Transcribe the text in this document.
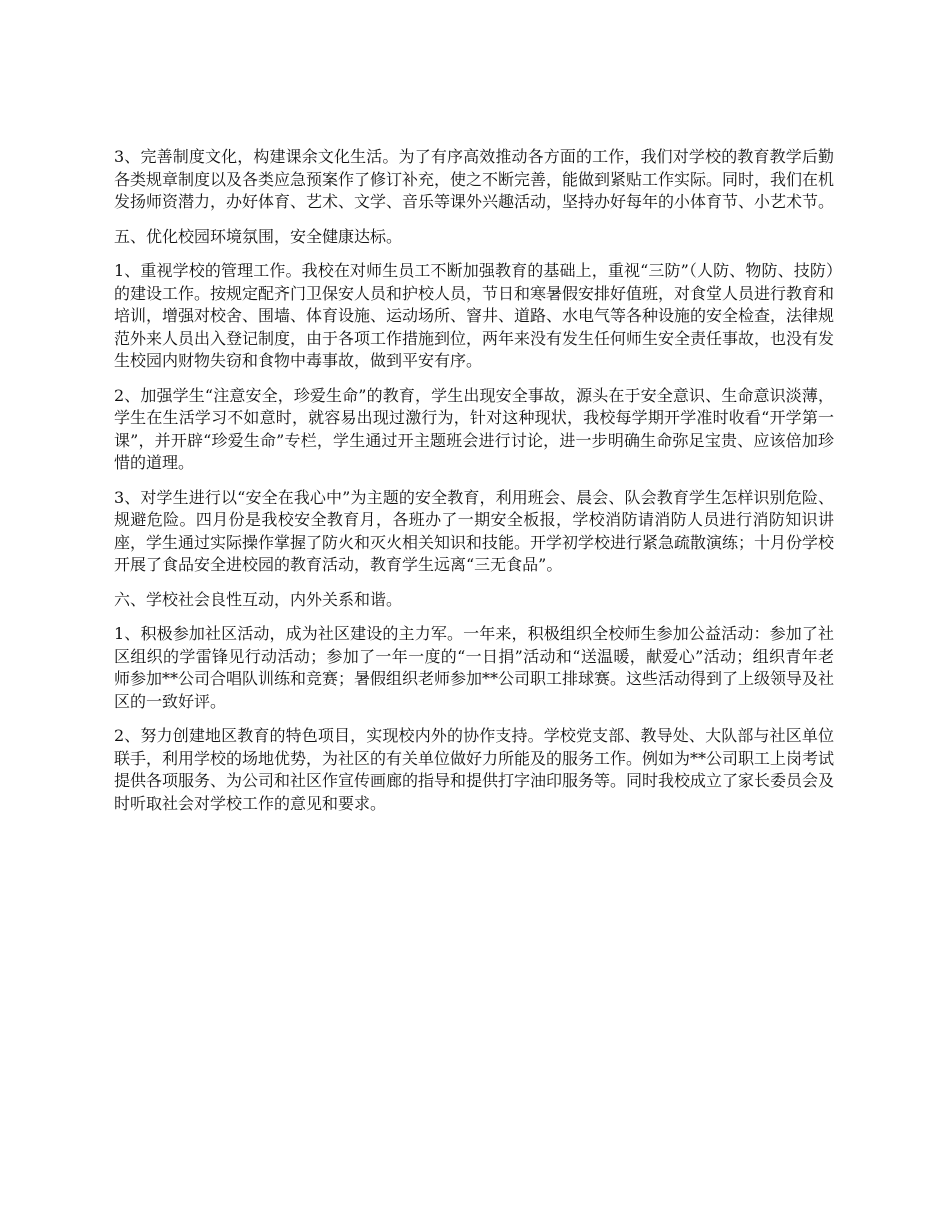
3、完善制度文化，构建课余文化生活。为了有序高效推动各方面的工作，我们对学校的教育教学后勤各类规章制度以及各类应急预案作了修订补充，使之不断完善，能做到紧贴工作实际。同时，我们在机发扬师资潜力，办好体育、艺术、文学、音乐等课外兴趣活动，坚持办好每年的小体育节、小艺术节。

五、优化校园环境氛围，安全健康达标。

1、重视学校的管理工作。我校在对师生员工不断加强教育的基础上，重视“三防”（人防、物防、技防）的建设工作。按规定配齐门卫保安人员和护校人员，节日和寒暑假安排好值班，对食堂人员进行教育和培训，增强对校舍、围墙、体育设施、运动场所、窨井、道路、水电气等各种设施的安全检查，法律规范外来人员出入登记制度，由于各项工作措施到位，两年来没有发生任何师生安全责任事故，也没有发生校园内财物失窃和食物中毒事故，做到平安有序。

2、加强学生“注意安全，珍爱生命”的教育，学生出现安全事故，源头在于安全意识、生命意识淡薄，学生在生活学习不如意时，就容易出现过激行为，针对这种现状，我校每学期开学准时收看“开学第一课”，并开辟“珍爱生命”专栏，学生通过开主题班会进行讨论，进一步明确生命弥足宝贵、应该倍加珍惜的道理。

3、对学生进行以“安全在我心中”为主题的安全教育，利用班会、晨会、队会教育学生怎样识别危险、规避危险。四月份是我校安全教育月，各班办了一期安全板报，学校消防请消防人员进行消防知识讲座，学生通过实际操作掌握了防火和灭火相关知识和技能。开学初学校进行紧急疏散演练；十月份学校开展了食品安全进校园的教育活动，教育学生远离“三无食品”。

六、学校社会良性互动，内外关系和谐。

1、积极参加社区活动，成为社区建设的主力军。一年来，积极组织全校师生参加公益活动：参加了社区组织的学雷锋见行动活动；参加了一年一度的“一日捐”活动和“送温暖，献爱心”活动；组织青年老师参加**公司合唱队训练和竞赛；暑假组织老师参加**公司职工排球赛。这些活动得到了上级领导及社区的一致好评。

2、努力创建地区教育的特色项目，实现校内外的协作支持。学校党支部、教导处、大队部与社区单位联手，利用学校的场地优势，为社区的有关单位做好力所能及的服务工作。例如为**公司职工上岗考试提供各项服务、为公司和社区作宣传画廊的指导和提供打字油印服务等。同时我校成立了家长委员会及时听取社会对学校工作的意见和要求。
